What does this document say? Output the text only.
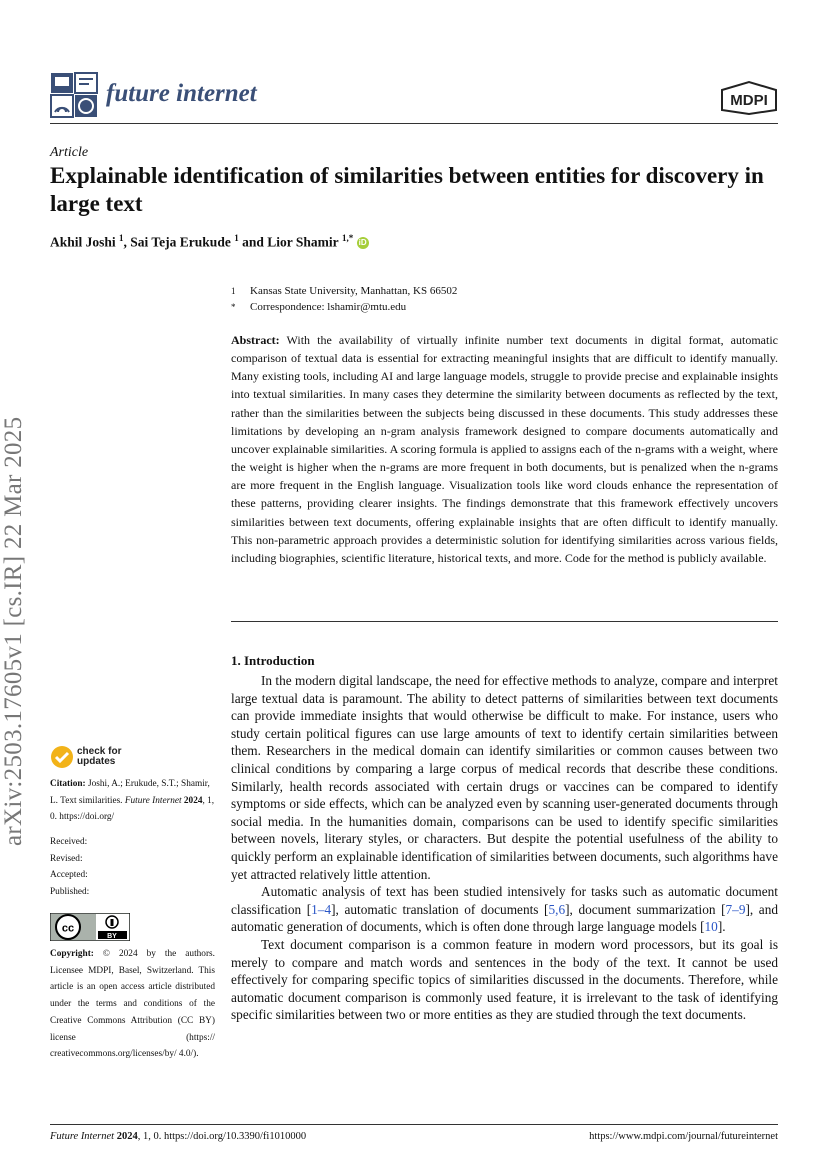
future internet	MDPI
Article
Explainable identification of similarities between entities for discovery in large text
Akhil Joshi $^1$, Sai Teja Erukude $^1$ and Lior Shamir $^{1,*}$ iD
1 Kansas State University, Manhattan, KS 66502
* Correspondence: lshamir@mtu.edu
Abstract: With the availability of virtually infinite number text documents in digital format, automatic comparison of textual data is essential for extracting meaningful insights that are difficult to identify manually. Many existing tools, including AI and large language models, struggle to provide precise and explainable insights into textual similarities. In many cases they determine the similarity between documents as reflected by the text, rather than the similarities between the subjects being discussed in these documents. This study addresses these limitations by developing an n-gram analysis framework designed to compare documents automatically and uncover explainable similarities. A scoring formula is applied to assigns each of the n-grams with a weight, where the weight is higher when the n-grams are more frequent in both documents, but is penalized when the n-grams are more frequent in the English language. Visualization tools like word clouds enhance the representation of these patterns, providing clearer insights. The findings demonstrate that this framework effectively uncovers similarities between text documents, offering explainable insights that are often difficult to identify manually. This non-parametric approach provides a deterministic solution for identifying similarities across various fields, including biographies, scientific literature, historical texts, and more. Code for the method is publicly available.
1. Introduction

In the modern digital landscape, the need for effective methods to analyze, compare and interpret large textual data is paramount. The ability to detect patterns of similarities between text documents can provide immediate insights that would otherwise be difficult to make. For instance, users who study certain political figures can use large amounts of text to identify certain similarities between them. Researchers in the medical domain can identify similarities or common causes between two clinical conditions by comparing a large corpus of medical records that describe these conditions. Similarly, health records associated with certain drugs or vaccines can be compared to identify symptoms or side effects, which can be analyzed even by scanning user-generated documents through social media. In the humanities domain, comparisons can be used to identify specific similarities between novels, literary styles, or characters. But despite the potential usefulness of the ability to quickly perform an explainable identification of similarities between documents, such algorithms have yet attracted relatively little attention.

Automatic analysis of text has been studied intensively for tasks such as automatic document classification [1–4], automatic translation of documents [5,6], document summarization [7–9], and automatic generation of documents, which is often done through large language models [10].

Text document comparison is a common feature in modern word processors, but its goal is merely to compare and match words and sentences in the body of the text. It cannot be used effectively for comparing specific topics of similarities discussed in the documents. Therefore, while automatic document comparison is commonly used feature, it is irrelevant to the task of identifying specific similarities between two or more entities as they are studied through the text documents.

arXiv:2503.17605v1 [cs.IR] 22 Mar 2025	check for
updates
Citation: Joshi, A.; Erukude, S.T.; Shamir, L. Text similarities. Future Internet 2024, 1, 0. https://doi.org/
Received:
Revised:
Accepted:
Published:
cc
BY
Copyright: © 2024 by the authors. Licensee MDPI, Basel, Switzerland. This article is an open access article distributed under the terms and conditions of the Creative Commons Attribution (CC BY) license (https:// creativecommons.org/licenses/by/ 4.0/).
Future Internet 2024, 1, 0. https://doi.org/10.3390/fi1010000	https://www.mdpi.com/journal/futureinternet
